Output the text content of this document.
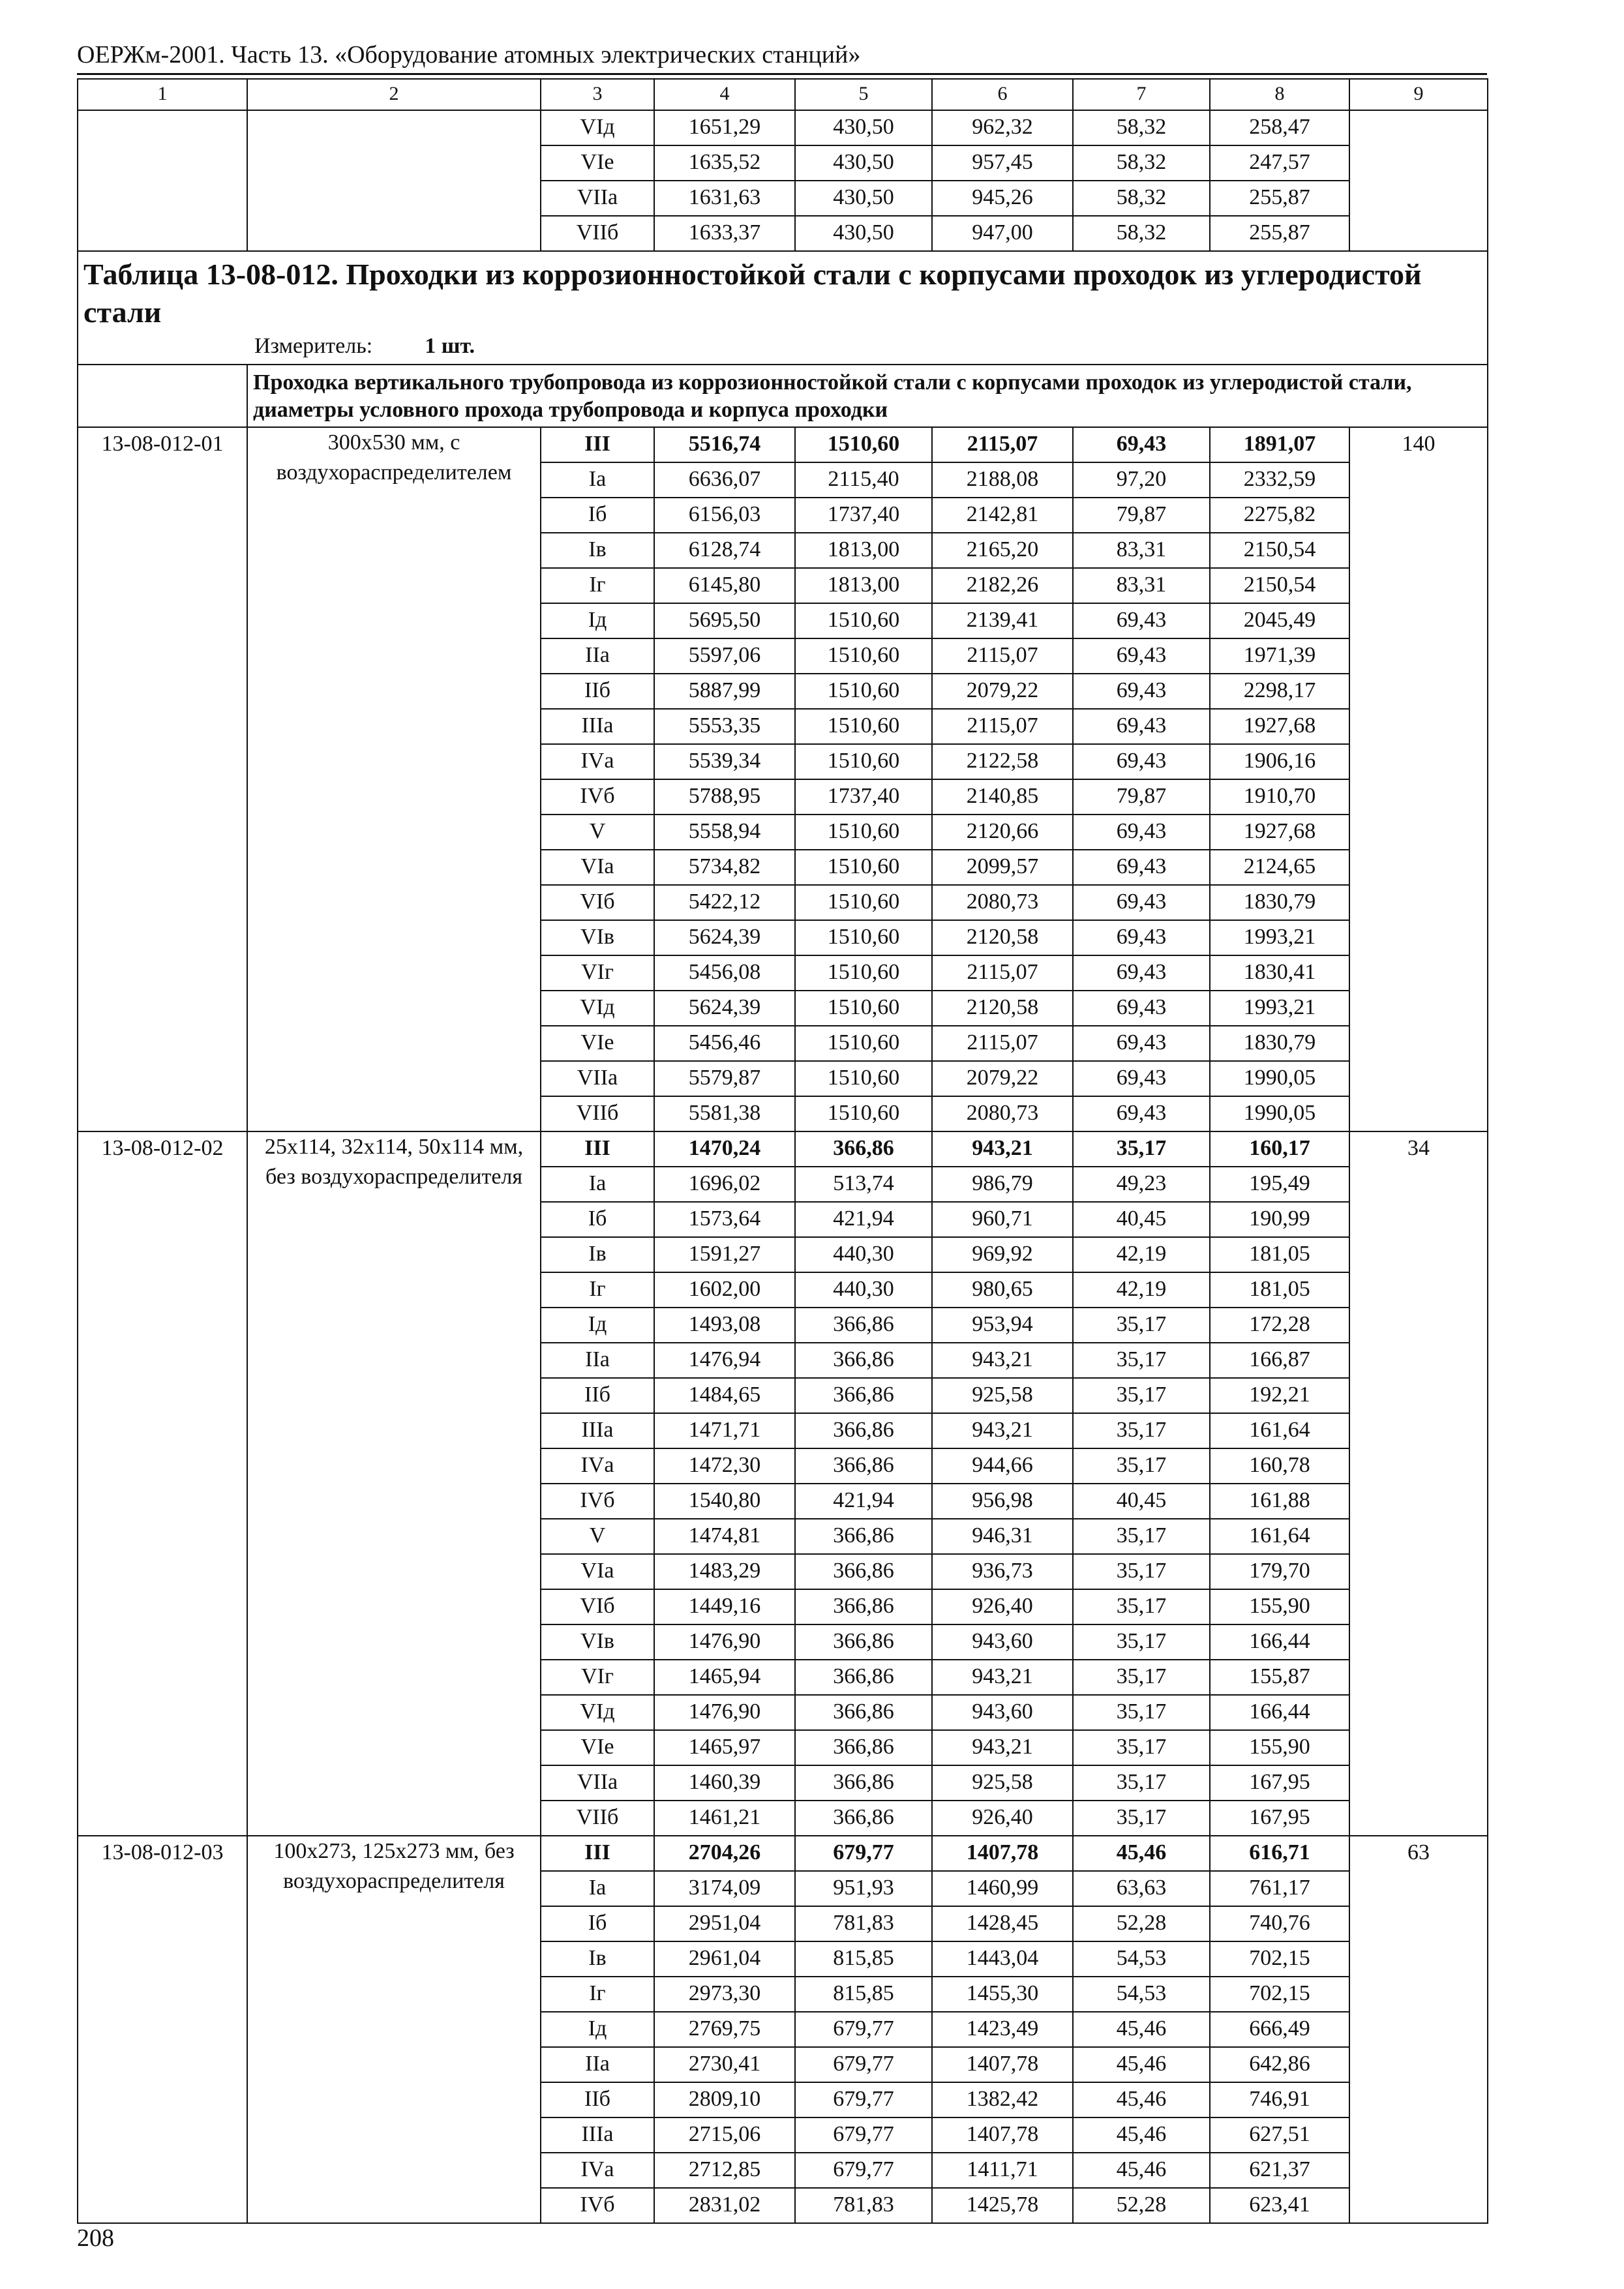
ОЕРЖм-2001. Часть 13. «Оборудование атомных электрических станций»
1	2	3	4	5	6	7	8	9
		VIд	1651,29	430,50	962,32	58,32	258,47	
		VIе	1635,52	430,50	957,45	58,32	247,57	
		VIIа	1631,63	430,50	945,26	58,32	255,87	
		VIIб	1633,37	430,50	947,00	58,32	255,87	

Таблица 13-08-012. Проходки из коррозионностойкой стали с корпусами проходок из углеродистой стали
Измеритель: 1 шт.								

	Проходка вертикального трубопровода из коррозионностойкой стали с корпусами проходок из углеродистой стали, диаметры условного прохода трубопровода и корпуса проходки							
13-08-012-01	300х530 мм, с воздухораспределителем	III	5516,74	1510,60	2115,07	69,43	1891,07	140
		Iа	6636,07	2115,40	2188,08	97,20	2332,59	
		Iб	6156,03	1737,40	2142,81	79,87	2275,82	
		Iв	6128,74	1813,00	2165,20	83,31	2150,54	
		Iг	6145,80	1813,00	2182,26	83,31	2150,54	
		Iд	5695,50	1510,60	2139,41	69,43	2045,49	
		IIа	5597,06	1510,60	2115,07	69,43	1971,39	
		IIб	5887,99	1510,60	2079,22	69,43	2298,17	
		IIIа	5553,35	1510,60	2115,07	69,43	1927,68	
		IVа	5539,34	1510,60	2122,58	69,43	1906,16	
		IVб	5788,95	1737,40	2140,85	79,87	1910,70	
		V	5558,94	1510,60	2120,66	69,43	1927,68	
		VIа	5734,82	1510,60	2099,57	69,43	2124,65	
		VIб	5422,12	1510,60	2080,73	69,43	1830,79	
		VIв	5624,39	1510,60	2120,58	69,43	1993,21	
		VIг	5456,08	1510,60	2115,07	69,43	1830,41	
		VIд	5624,39	1510,60	2120,58	69,43	1993,21	
		VIе	5456,46	1510,60	2115,07	69,43	1830,79	
		VIIа	5579,87	1510,60	2079,22	69,43	1990,05	
		VIIб	5581,38	1510,60	2080,73	69,43	1990,05	
13-08-012-02	25х114, 32х114, 50х114 мм, без воздухораспределителя	III	1470,24	366,86	943,21	35,17	160,17	34
		Iа	1696,02	513,74	986,79	49,23	195,49	
		Iб	1573,64	421,94	960,71	40,45	190,99	
		Iв	1591,27	440,30	969,92	42,19	181,05	
		Iг	1602,00	440,30	980,65	42,19	181,05	
		Iд	1493,08	366,86	953,94	35,17	172,28	
		IIа	1476,94	366,86	943,21	35,17	166,87	
		IIб	1484,65	366,86	925,58	35,17	192,21	
		IIIа	1471,71	366,86	943,21	35,17	161,64	
		IVа	1472,30	366,86	944,66	35,17	160,78	
		IVб	1540,80	421,94	956,98	40,45	161,88	
		V	1474,81	366,86	946,31	35,17	161,64	
		VIа	1483,29	366,86	936,73	35,17	179,70	
		VIб	1449,16	366,86	926,40	35,17	155,90	
		VIв	1476,90	366,86	943,60	35,17	166,44	
		VIг	1465,94	366,86	943,21	35,17	155,87	
		VIд	1476,90	366,86	943,60	35,17	166,44	
		VIе	1465,97	366,86	943,21	35,17	155,90	
		VIIа	1460,39	366,86	925,58	35,17	167,95	
		VIIб	1461,21	366,86	926,40	35,17	167,95	
13-08-012-03	100х273, 125х273 мм, без воздухораспределителя	III	2704,26	679,77	1407,78	45,46	616,71	63
		Iа	3174,09	951,93	1460,99	63,63	761,17	
		Iб	2951,04	781,83	1428,45	52,28	740,76	
		Iв	2961,04	815,85	1443,04	54,53	702,15	
		Iг	2973,30	815,85	1455,30	54,53	702,15	
		Iд	2769,75	679,77	1423,49	45,46	666,49	
		IIа	2730,41	679,77	1407,78	45,46	642,86	
		IIб	2809,10	679,77	1382,42	45,46	746,91	
		IIIа	2715,06	679,77	1407,78	45,46	627,51	
		IVа	2712,85	679,77	1411,71	45,46	621,37	
		IVб	2831,02	781,83	1425,78	52,28	623,41	
208
